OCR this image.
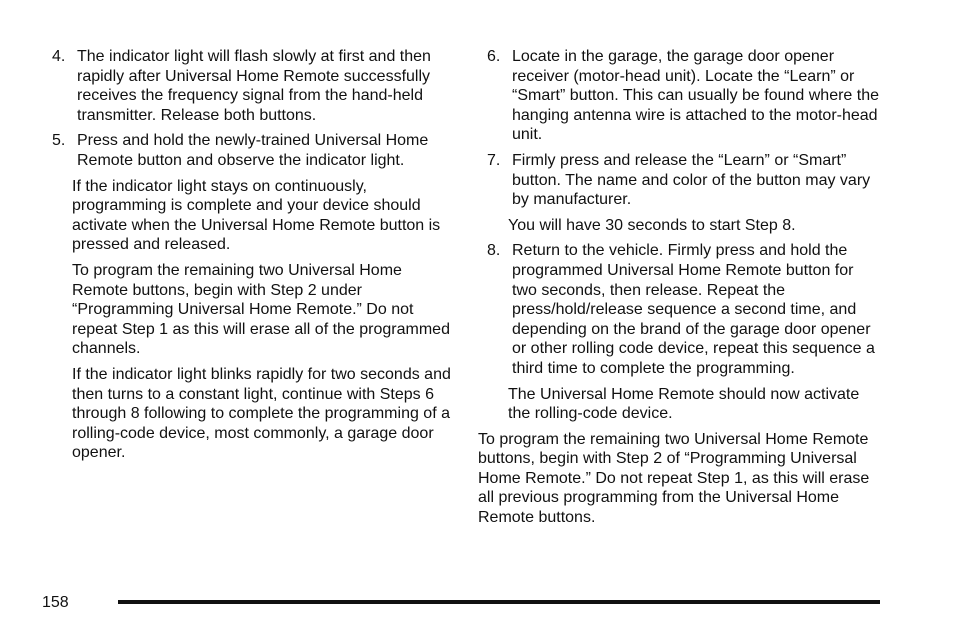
4. The indicator light will flash slowly at first and then rapidly after Universal Home Remote successfully receives the frequency signal from the hand-held transmitter. Release both buttons.
5. Press and hold the newly-trained Universal Home Remote button and observe the indicator light.

If the indicator light stays on continuously, programming is complete and your device should activate when the Universal Home Remote button is pressed and released.

To program the remaining two Universal Home Remote buttons, begin with Step 2 under “Programming Universal Home Remote.” Do not repeat Step 1 as this will erase all of the programmed channels.

If the indicator light blinks rapidly for two seconds and then turns to a constant light, continue with Steps 6 through 8 following to complete the programming of a rolling-code device, most commonly, a garage door opener.

6. Locate in the garage, the garage door opener receiver (motor-head unit). Locate the “Learn” or “Smart” button. This can usually be found where the hanging antenna wire is attached to the motor-head unit.
7. Firmly press and release the “Learn” or “Smart” button. The name and color of the button may vary by manufacturer.

You will have 30 seconds to start Step 8.

8. Return to the vehicle. Firmly press and hold the programmed Universal Home Remote button for two seconds, then release. Repeat the press/hold/release sequence a second time, and depending on the brand of the garage door opener or other rolling code device, repeat this sequence a third time to complete the programming.

The Universal Home Remote should now activate the rolling-code device.

To program the remaining two Universal Home Remote buttons, begin with Step 2 of “Programming Universal Home Remote.” Do not repeat Step 1, as this will erase all previous programming from the Universal Home Remote buttons.

158
